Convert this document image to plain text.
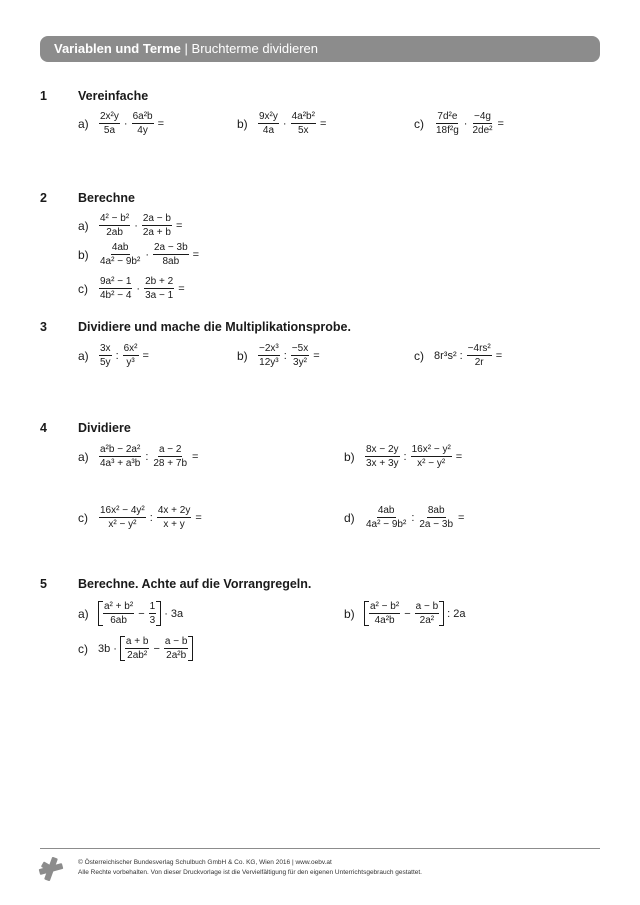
Variablen und Terme | Bruchterme dividieren
1 Vereinfache
a)	$\frac{\text{2x²y}}{5a} \cdot \frac{\text{6a²b}}{4y}$ =	b)	$\frac{\text{9x²y}}{4a} \cdot \frac{\text{4a²b²}}{5x}$ =	c)	$\frac{\text{7d²e}}{\text{18f²g}} \cdot \frac{-4g}{\text{2de²}}$ =
2 Berechne
a)	$\frac{\text{4² − b²}}{2ab} \cdot \frac{2a - b}{2a + b}$ =
b)	$\frac{4ab}{\text{4a² − 9b²}} \cdot \frac{2a - 3b}{8ab}$ =
c)	$\frac{\text{9a² − 1}}{\text{4b² − 4}} \cdot \frac{2b + 2}{3a - 1}$ =
3 Dividiere und mache die Multiplikationsprobe.
a)	$\frac{3x}{5y}$ : $\frac{\text{6x²}}{\text{y³}}$ =	b)	$\frac{\text{−2x³}}{\text{12y³}}$ : $\frac{-5x}{\text{3y²}}$ =	c) 8r³s² : $\frac{\text{−4rs²}}{2r}$ =
4 Dividiere
a)	$\frac{\text{a²b − 2a²}}{\text{4a³ + a³b}}$ : $\frac{a - 2}{28 + 7b}$ =	b)	$\frac{8x - 2y}{3x + 3y}$ : $\frac{\text{16x² − y²}}{\text{x² − y²}}$ =
c)	$\frac{\text{16x² − 4y²}}{\text{x² − y²}}$ : $\frac{4x + 2y}{x + y}$ =	d)	$\frac{4ab}{\text{4a² − 9b²}}$ : $\frac{8ab}{2a - 3b}$ =
5 Berechne. Achte auf die Vorrangregeln.
a)	$\frac{\text{a² + b²}}{6ab} - \frac{1}{3} \cdot 3a$	b)	$\frac{\text{a² − b²}}{\text{4a²b}} - \frac{a - b}{\text{2a²}}$ : 2a
c) $3b \cdot \frac{a + b}{\text{2ab²}} - \frac{a - b}{\text{2a²b}}$
© Österreichischer Bundesverlag Schulbuch GmbH & Co. KG, Wien 2016 | www.oebv.at
Alle Rechte vorbehalten. Von dieser Druckvorlage ist die Vervielfältigung für den eigenen Unterrichtsgebrauch gestattet.
